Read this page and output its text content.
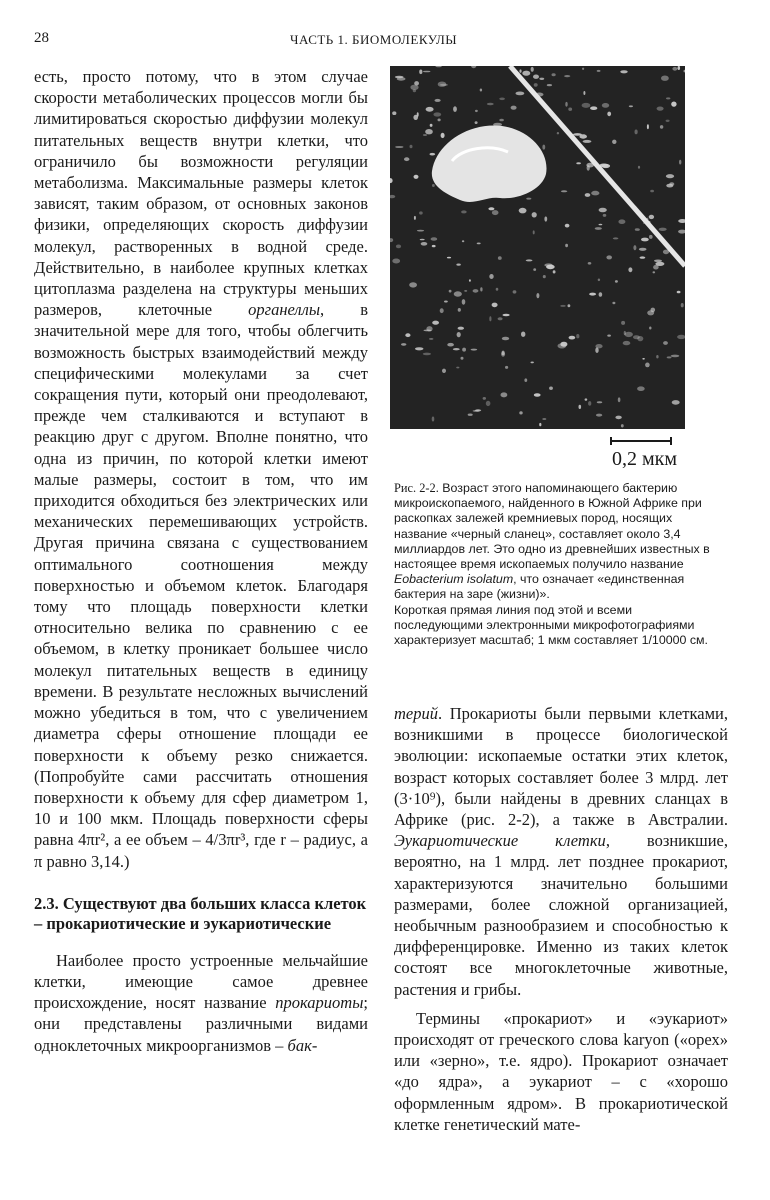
28	ЧАСТЬ 1. БИОМОЛЕКУЛЫ

есть, просто потому, что в этом случае скорости метаболических процессов могли бы лимитироваться скоростью диффузии молекул питательных веществ внутри клетки, что ограничило бы возможности регуляции метаболизма. Максимальные размеры клеток зависят, таким образом, от основных законов физики, определяющих скорость диффузии молекул, растворенных в водной среде. Действительно, в наиболее крупных клетках цитоплазма разделена на структуры меньших размеров, клеточные органеллы, в значительной мере для того, чтобы облегчить возможность быстрых взаимодействий между специфическими молекулами за счет сокращения пути, который они преодолевают, прежде чем сталкиваются и вступают в реакцию друг с другом. Вполне понятно, что одна из причин, по которой клетки имеют малые размеры, состоит в том, что им приходится обходиться без электрических или механических перемешивающих устройств. Другая причина связана с существованием оптимального соотношения между поверхностью и объемом клеток. Благодаря тому что площадь поверхности клетки относительно велика по сравнению с ее объемом, в клетку проникает большее число молекул питательных веществ в единицу времени. В результате несложных вычислений можно убедиться в том, что с увеличением диаметра сферы отношение площади ее поверхности к объему резко снижается. (Попробуйте сами рассчитать отношения поверхности к объему для сфер диаметром 1, 10 и 100 мкм. Площадь поверхности сферы равна 4πr², а ее объем – 4/3πr³, где r – радиус, а π равно 3,14.)

2.3. Существуют два больших класса клеток – прокариотические и эукариотические

Наиболее просто устроенные мельчайшие клетки, имеющие самое древнее происхождение, носят название прокариоты; они представлены различными видами одноклеточных микроорганизмов – бак-

0,2 мкм

Рис. 2-2. Возраст этого напоминающего бактерию микроископаемого, найденного в Южной Африке при раскопках залежей кремниевых пород, носящих название «черный сланец», составляет около 3,4 миллиардов лет. Это одно из древнейших известных в настоящее время ископаемых получило название Eobacterium isolatum, что означает «единственная бактерия на заре (жизни)».

Короткая прямая линия под этой и всеми последующими электронными микрофотографиями характеризует масштаб; 1 мкм составляет 1/10000 см.

терий. Прокариоты были первыми клетками, возникшими в процессе биологической эволюции: ископаемые остатки этих клеток, возраст которых составляет более 3 млрд. лет (3·10⁹), были найдены в древних сланцах в Африке (рис. 2-2), а также в Австралии. Эукариотические клетки, возникшие, вероятно, на 1 млрд. лет позднее прокариот, характеризуются значительно большими размерами, более сложной организацией, необычным разнообразием и способностью к дифференцировке. Именно из таких клеток состоят все многоклеточные животные, растения и грибы.

Термины «прокариот» и «эукариот» происходят от греческого слова karyon («орех» или «зерно», т.е. ядро). Прокариот означает «до ядра», а эукариот – с «хорошо оформленным ядром». В прокариотической клетке генетический мате-
